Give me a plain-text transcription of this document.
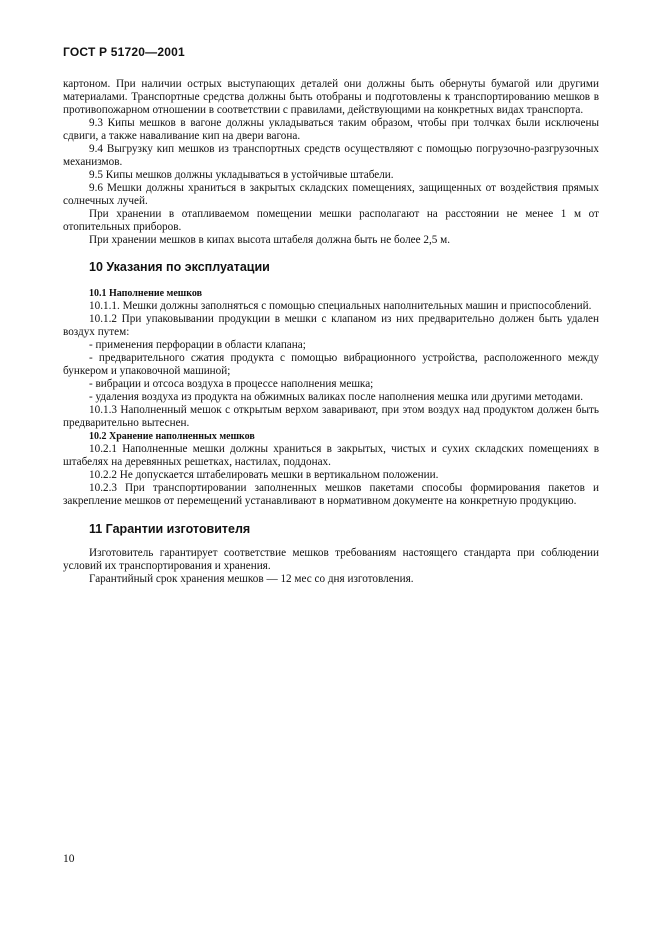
ГОСТ Р 51720—2001

картоном. При наличии острых выступающих деталей они должны быть обернуты бумагой или другими материалами. Транспортные средства должны быть отобраны и подготовлены к транспортированию мешков в противопожарном отношении в соответствии с правилами, действующими на конкретных видах транспорта.

9.3 Кипы мешков в вагоне должны укладываться таким образом, чтобы при толчках были исключены сдвиги, а также наваливание кип на двери вагона.

9.4 Выгрузку кип мешков из транспортных средств осуществляют с помощью погрузочно-разгрузочных механизмов.

9.5 Кипы мешков должны укладываться в устойчивые штабели.

9.6 Мешки должны храниться в закрытых складских помещениях, защищенных от воздействия прямых солнечных лучей.

При хранении в отапливаемом помещении мешки располагают на расстоянии не менее 1 м от отопительных приборов.

При хранении мешков в кипах высота штабеля должна быть не более 2,5 м.

10 Указания по эксплуатации

10.1 Наполнение мешков

10.1.1. Мешки должны заполняться с помощью специальных наполнительных машин и приспособлений.

10.1.2 При упаковывании продукции в мешки с клапаном из них предварительно должен быть удален воздух путем:

- применения перфорации в области клапана;

- предварительного сжатия продукта с помощью вибрационного устройства, расположенного между бункером и упаковочной машиной;

- вибрации и отсоса воздуха в процессе наполнения мешка;

- удаления воздуха из продукта на обжимных валиках после наполнения мешка или другими методами.

10.1.3 Наполненный мешок с открытым верхом заваривают, при этом воздух над продуктом должен быть предварительно вытеснен.

10.2 Хранение наполненных мешков

10.2.1 Наполненные мешки должны храниться в закрытых, чистых и сухих складских помещениях в штабелях на деревянных решетках, настилах, поддонах.

10.2.2 Не допускается штабелировать мешки в вертикальном положении.

10.2.3 При транспортировании заполненных мешков пакетами способы формирования пакетов и закрепление мешков от перемещений устанавливают в нормативном документе на конкретную продукцию.

11 Гарантии изготовителя

Изготовитель гарантирует соответствие мешков требованиям настоящего стандарта при соблюдении условий их транспортирования и хранения.

Гарантийный срок хранения мешков — 12 мес со дня изготовления.

10
